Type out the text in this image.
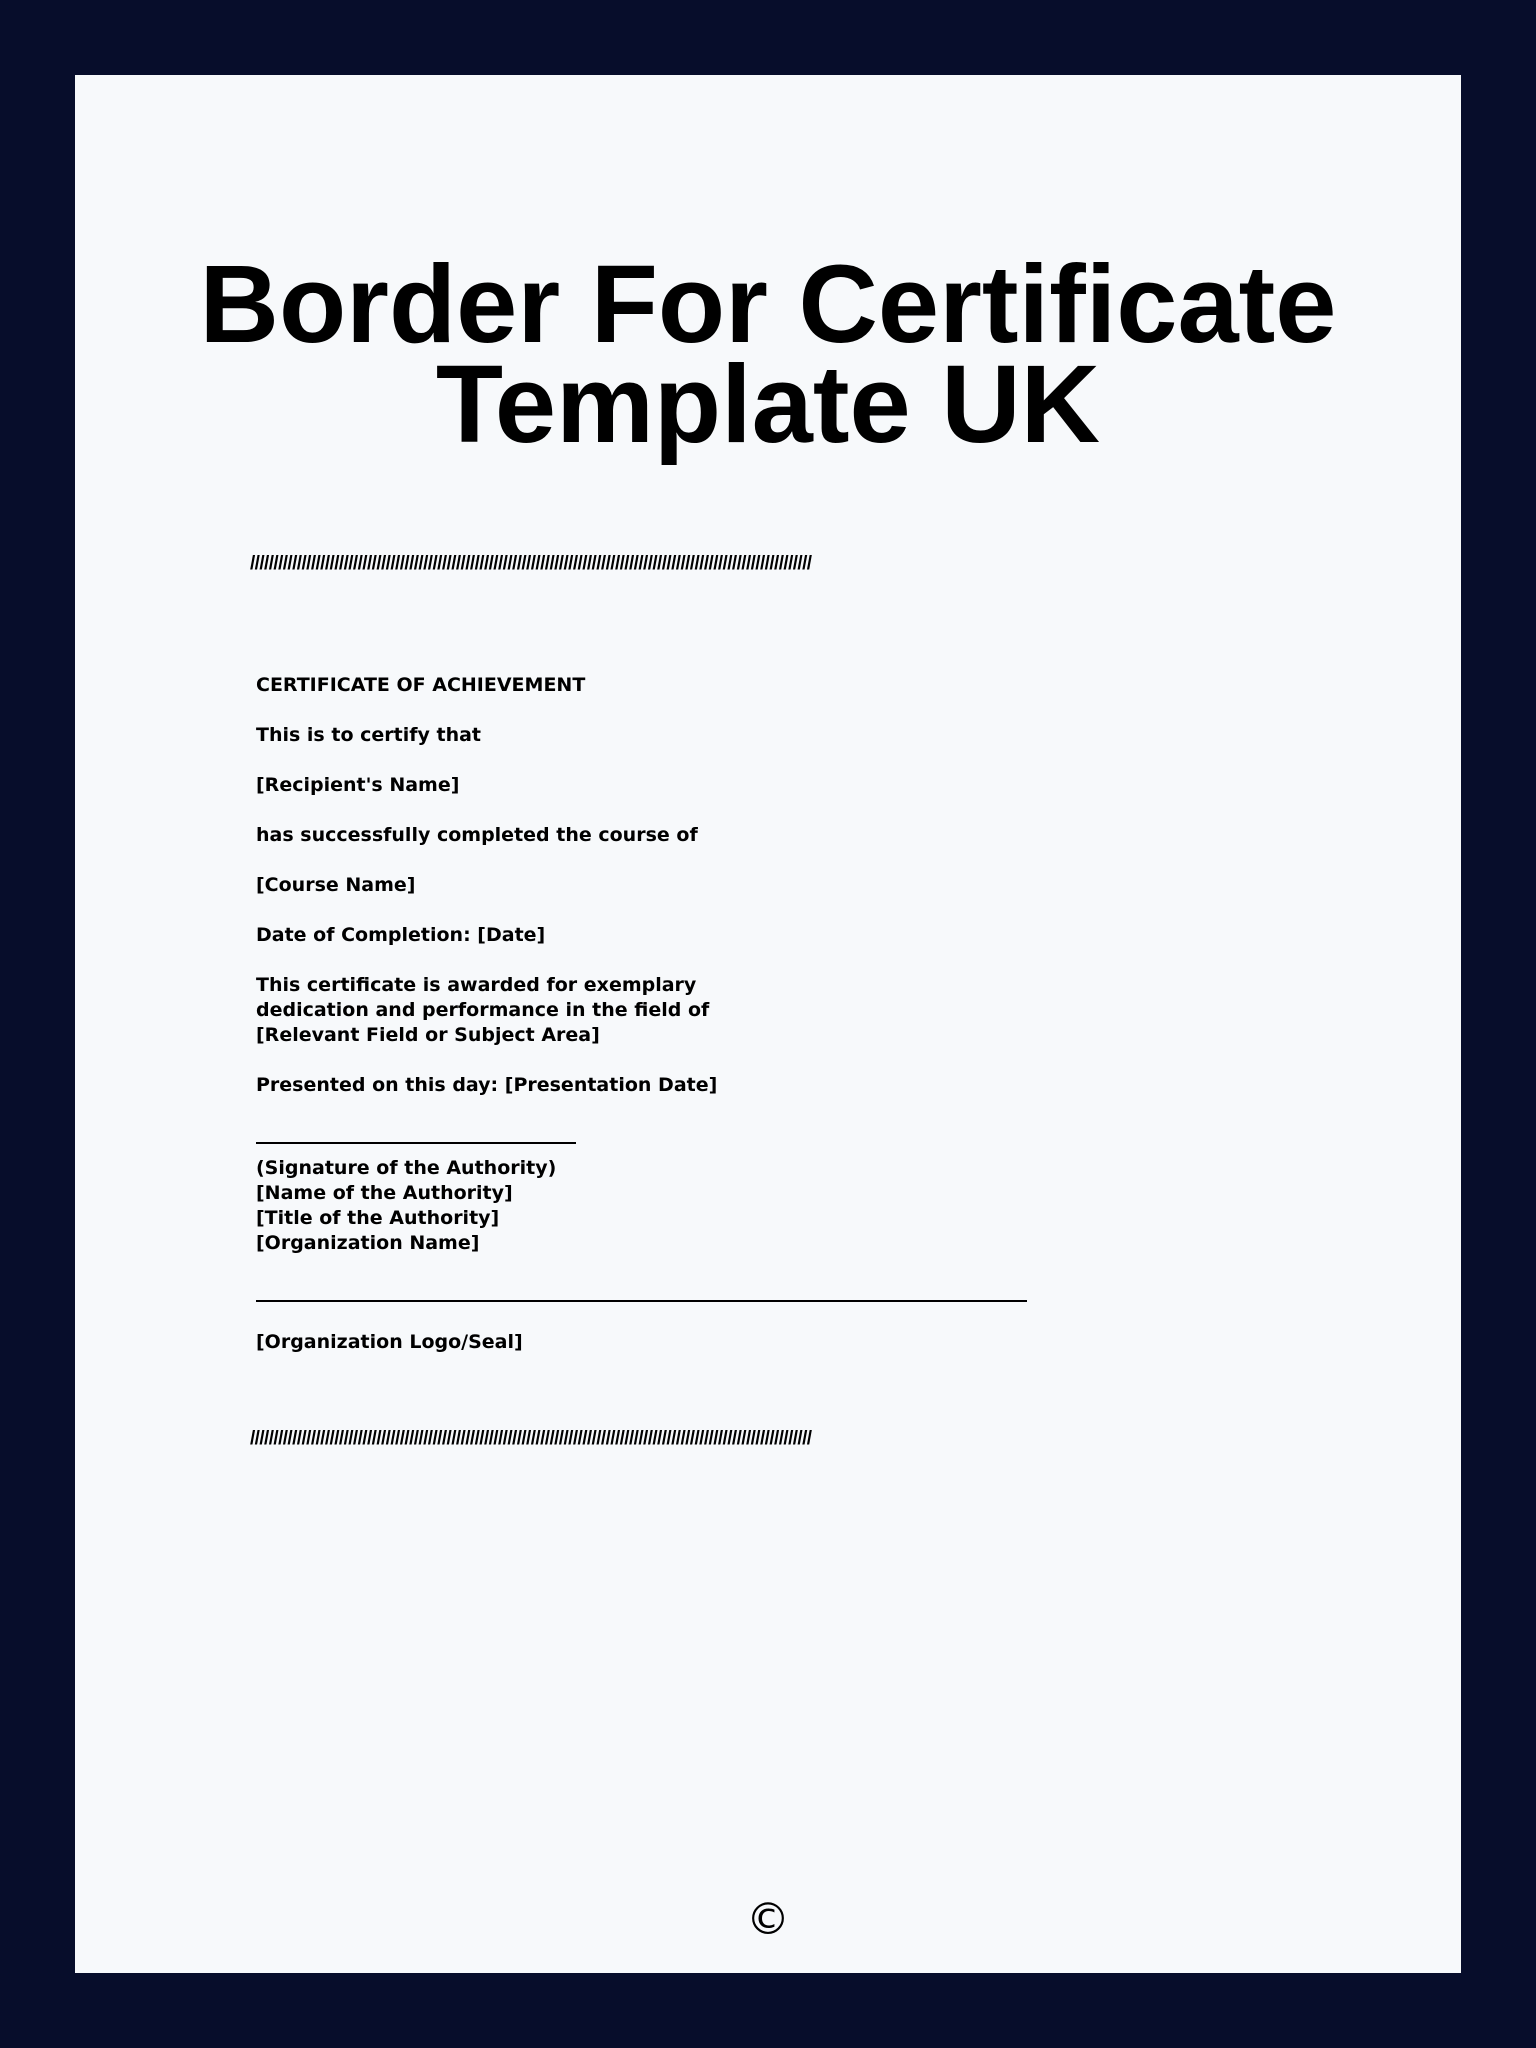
Border For Certificate
Template UK
////////////////////////////////////////////////////////////////////////////////////////////////////////////////////////

CERTIFICATE OF ACHIEVEMENT

This is to certify that

[Recipient's Name]

has successfully completed the course of

[Course Name]

Date of Completion: [Date]

This certificate is awarded for exemplary
dedication and performance in the field of
[Relevant Field or Subject Area]

Presented on this day: [Presentation Date]

(Signature of the Authority)
[Name of the Authority]
[Title of the Authority]
[Organization Name]
[Organization Logo/Seal]
////////////////////////////////////////////////////////////////////////////////////////////////////////////////////////
©
